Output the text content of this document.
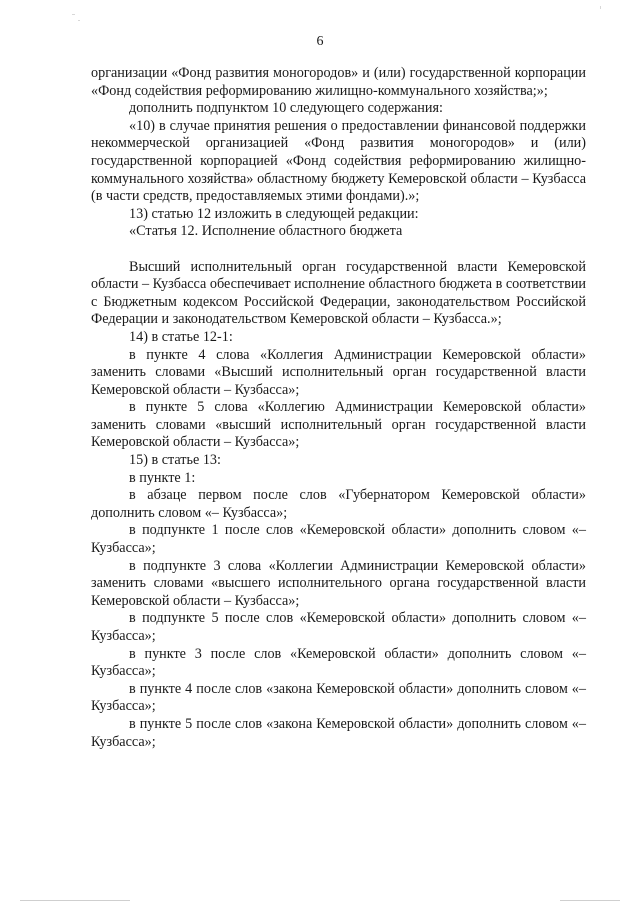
6

организации «Фонд развития моногородов» и (или) государственной корпорации «Фонд содействия реформированию жилищно-коммунального хозяйства;»;

дополнить подпунктом 10 следующего содержания:

«10) в случае принятия решения о предоставлении финансовой поддержки некоммерческой организацией «Фонд развития моногородов» и (или) государственной корпорацией «Фонд содействия реформированию жилищно-коммунального хозяйства» областному бюджету Кемеровской области – Кузбасса (в части средств, предоставляемых этими фондами).»;

13) статью 12 изложить в следующей редакции:

«Статья 12. Исполнение областного бюджета

Высший исполнительный орган государственной власти Кемеровской области – Кузбасса обеспечивает исполнение областного бюджета в соответствии с Бюджетным кодексом Российской Федерации, законодательством Российской Федерации и законодательством Кемеровской области – Кузбасса.»;

14) в статье 12-1:

в пункте 4 слова «Коллегия Администрации Кемеровской области» заменить словами «Высший исполнительный орган государственной власти Кемеровской области – Кузбасса»;

в пункте 5 слова «Коллегию Администрации Кемеровской области» заменить словами «высший исполнительный орган государственной власти Кемеровской области – Кузбасса»;

15) в статье 13:

в пункте 1:

в абзаце первом после слов «Губернатором Кемеровской области» дополнить словом «– Кузбасса»;

в подпункте 1 после слов «Кемеровской области» дополнить словом «– Кузбасса»;

в подпункте 3 слова «Коллегии Администрации Кемеровской области» заменить словами «высшего исполнительного органа государственной власти Кемеровской области – Кузбасса»;

в подпункте 5 после слов «Кемеровской области» дополнить словом «– Кузбасса»;

в пункте 3 после слов «Кемеровской области» дополнить словом «– Кузбасса»;

в пункте 4 после слов «закона Кемеровской области» дополнить словом «– Кузбасса»;

в пункте 5 после слов «закона Кемеровской области» дополнить словом «– Кузбасса»;
